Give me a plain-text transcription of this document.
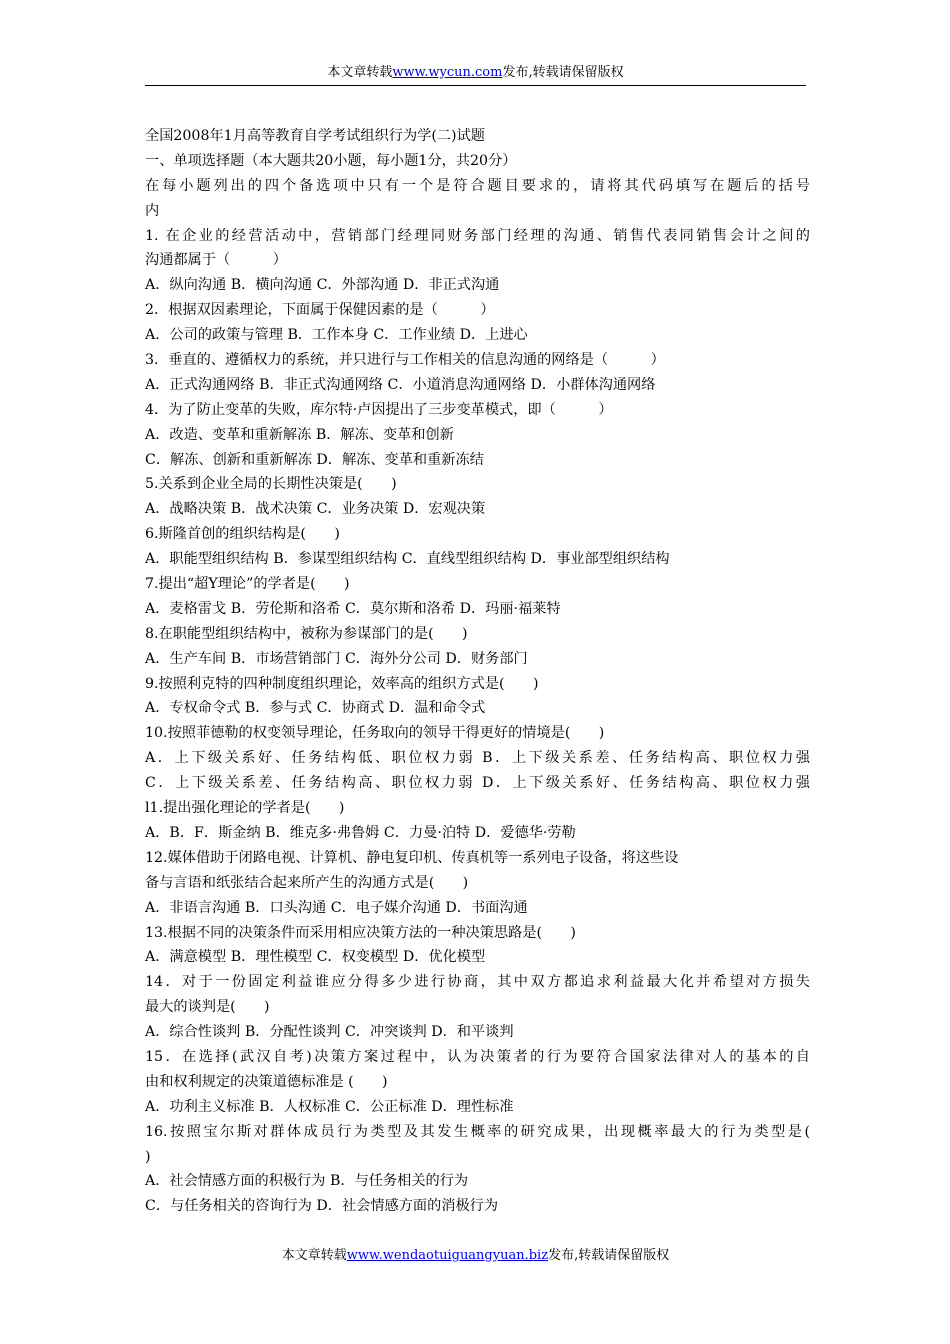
本文章转载www.wycun.com发布,转载请保留版权
全国2008年1月高等教育自学考试组织行为学(二)试题
一、单项选择题（本大题共20小题，每小题1分，共20分）
在每小题列出的四个备选项中只有一个是符合题目要求的，请将其代码填写在题后的括号
内
1. 在企业的经营活动中，营销部门经理同财务部门经理的沟通、销售代表同销售会计之间的
沟通都属于（　　　）
A．纵向沟通 B．横向沟通 C．外部沟通 D．非正式沟通
2．根据双因素理论，下面属于保健因素的是（　　　）
A．公司的政策与管理 B．工作本身 C．工作业绩 D．上进心
3．垂直的、遵循权力的系统，并只进行与工作相关的信息沟通的网络是（　　　）
A．正式沟通网络 B．非正式沟通网络 C．小道消息沟通网络 D．小群体沟通网络
4．为了防止变革的失败，库尔特·卢因提出了三步变革模式，即（　　　）
A．改造、变革和重新解冻 B．解冻、变革和创新
C．解冻、创新和重新解冻 D．解冻、变革和重新冻结
5.关系到企业全局的长期性决策是(　　)
A．战略决策 B．战术决策 C．业务决策 D．宏观决策
6.斯隆首创的组织结构是(　　)
A．职能型组织结构 B．参谋型组织结构 C．直线型组织结构 D．事业部型组织结构
7.提出“超Y理论”的学者是(　　)
A．麦格雷戈 B．劳伦斯和洛希 C．莫尔斯和洛希 D．玛丽·福莱特
8.在职能型组织结构中，被称为参谋部门的是(　　)
A．生产车间 B．市场营销部门 C．海外分公司 D．财务部门
9.按照利克特的四种制度组织理论，效率高的组织方式是(　　)
A．专权命令式 B．参与式 C．协商式 D．温和命令式
10.按照菲德勒的权变领导理论，任务取向的领导干得更好的情境是(　　)
A．上下级关系好、任务结构低、职位权力弱 B．上下级关系差、任务结构高、职位权力强
C．上下级关系差、任务结构高、职位权力弱 D．上下级关系好、任务结构高、职位权力强
l1.提出强化理论的学者是(　　)
A．B．F．斯金纳 B．维克多·弗鲁姆 C．力曼·泊特 D．爱德华·劳勒
12.媒体借助于闭路电视、计算机、静电复印机、传真机等一系列电子设备，将这些设
备与言语和纸张结合起来所产生的沟通方式是(　　)
A．非语言沟通 B．口头沟通 C．电子媒介沟通 D．书面沟通
13.根据不同的决策条件而采用相应决策方法的一种决策思路是(　　)
A．满意模型 B．理性模型 C．权变模型 D．优化模型
14．对于一份固定利益谁应分得多少进行协商，其中双方都追求利益最大化并希望对方损失
最大的谈判是(　　)
A．综合性谈判 B．分配性谈判 C．冲突谈判 D．和平谈判
15．在选择(武汉自考)决策方案过程中，认为决策者的行为要符合国家法律对人的基本的自
由和权利规定的决策道德标准是 (　　)
A．功利主义标准 B．人权标准 C．公正标准 D．理性标准
16.按照宝尔斯对群体成员行为类型及其发生概率的研究成果，出现概率最大的行为类型是(
)
A．社会情感方面的积极行为 B．与任务相关的行为
C．与任务相关的咨询行为 D．社会情感方面的消极行为
本文章转载www.wendaotuiguangyuan.biz发布,转载请保留版权
